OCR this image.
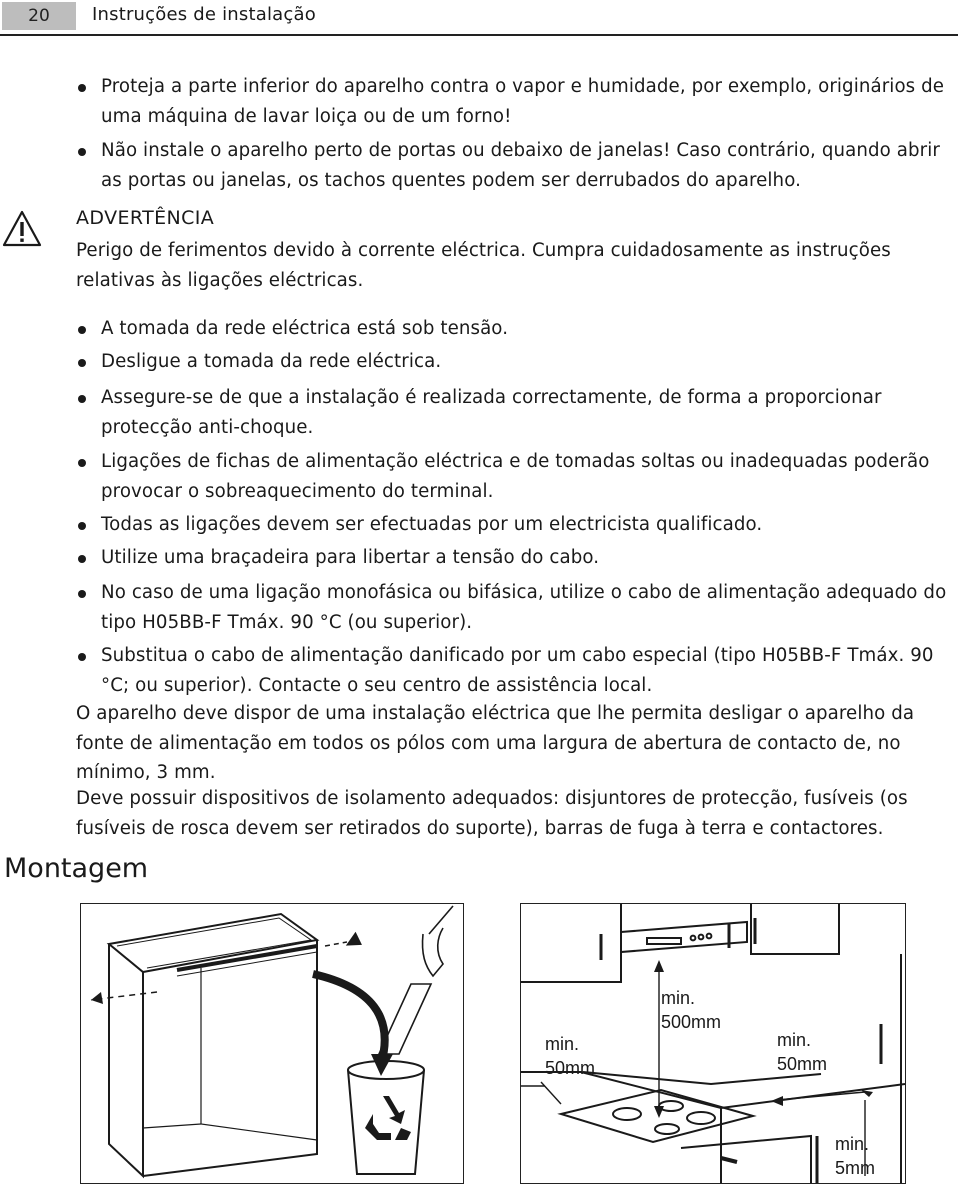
20	Instruções de instalação
Proteja a parte inferior do aparelho contra o vapor e humidade, por exemplo, originários de uma máquina de lavar loiça ou de um forno!
Não instale o aparelho perto de portas ou debaixo de janelas! Caso contrário, quando abrir as portas ou janelas, os tachos quentes podem ser derrubados do aparelho.
ADVERTÊNCIA
Perigo de ferimentos devido à corrente eléctrica. Cumpra cuidadosamente as instruções relativas às ligações eléctricas.
A tomada da rede eléctrica está sob tensão.
Desligue a tomada da rede eléctrica.
Assegure-se de que a instalação é realizada correctamente, de forma a proporcionar protecção anti-choque.
Ligações de fichas de alimentação eléctrica e de tomadas soltas ou inadequadas poderão provocar o sobreaquecimento do terminal.
Todas as ligações devem ser efectuadas por um electricista qualificado.
Utilize uma braçadeira para libertar a tensão do cabo.
No caso de uma ligação monofásica ou bifásica, utilize o cabo de alimentação adequado do tipo H05BB-F Tmáx. 90 °C (ou superior).
Substitua o cabo de alimentação danificado por um cabo especial (tipo H05BB-F Tmáx. 90 °C; ou superior). Contacte o seu centro de assistência local.
O aparelho deve dispor de uma instalação eléctrica que lhe permita desligar o aparelho da fonte de alimentação em todos os pólos com uma largura de abertura de contacto de, no mínimo, 3 mm.
Deve possuir dispositivos de isolamento adequados: disjuntores de protecção, fusíveis (os fusíveis de rosca devem ser retirados do suporte), barras de fuga à terra e contactores.
Montagem
min.
500mm
min.
50mm
min.
50mm
min.
5mm
